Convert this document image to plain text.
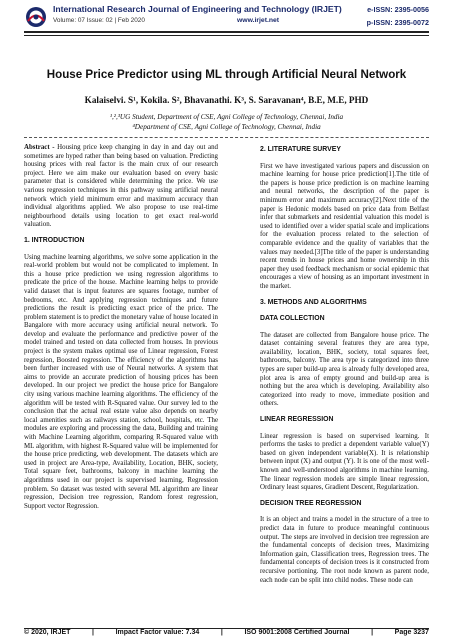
International Research Journal of Engineering and Technology (IRJET)
Volume: 07 Issue: 02 | Feb 2020	www.irjet.net
e-ISSN: 2395-0056
p-ISSN: 2395-0072
House Price Predictor using ML through Artificial Neural Network
Kalaiselvi. S¹, Kokila. S², Bhavanathi. K³, S. Saravanan⁴, B.E, M.E, PHD
¹,²,³UG Student, Department of CSE, Agni College of Technology, Chennai, India
⁴Department of CSE, Agni College of Technology, Chennai, India

Abstract - Housing price keep changing in day in and day out and sometimes are hyped rather than being based on valuation. Predicting housing prices with real factor is the main crux of our research project. Here we aim make our evaluation based on every basic parameter that is considered while determining the price. We use various regression techniques in this pathway using artificial neural network which yield minimum error and maximum accuracy than individual algorithms applied. We also propose to use real-time neighbourhood details using location to get exact real-world valuation.

1. INTRODUCTION

Using machine learning algorithms, we solve some application in the real-world problem but would not be complicated to implement. In this a house price prediction we using regression algorithms to predicate the price of the house. Machine learning helps to provide valid dataset that is input features are squares footage, number of bedrooms, etc. And applying regression techniques and future predictions the result is predicting exact price of the price. The problem statement is to predict the monetary value of house located in Bangalore with more accuracy using artificial neural network. To develop and evaluate the performance and predictive power of the model trained and tested on data collected from houses. In previous project is the system makes optimal use of Linear regression, Forest regression, Boosted regression. The efficiency of the algorithms has been further increased with use of Neural networks. A system that aims to provide an accurate prediction of housing prices has been developed. In our project we predict the house price for Bangalore city using various machine learning algorithms. The efficiency of the algorithm will be tested with R-Squared value. Our survey led to the conclusion that the actual real estate value also depends on nearby local amenities such as railways station, school, hospitals, etc. The modules are exploring and processing the data, Building and training with Machine Learning algorithm, comparing R-Squared value with ML algorithm, with highest R-Squared value will be implemented for the house price predicting, web development. The datasets which are used in project are Area-type, Availability, Location, BHK, society, Total square feet, bathrooms, balcony in machine learning the algorithms used in our project is supervised learning, Regression problem. So dataset was tested with several ML algorithm are linear regression, Decision tree regression, Random forest regression, Support vector Regression.

2. LITERATURE SURVEY

First we have investigated various papers and discussion on machine learning for house price prediction[1].The title of the papers is house price prediction is on machine learning and neural networks, the description of the paper is minimum error and maximum accuracy[2].Next title of the paper is Hedonic models based on price data from Belfast infer that submarkets and residential valuation this model is used to identified over a wider spatial scale and implications for the evaluation process related to the selection of comparable evidence and the quality of variables that the values may needed.[3]The title of the paper is understanding recent trends in house prices and home ownership in this paper they used feedback mechanism or social epidemic that encourages a view of housing as an important investment in the market.

3. METHODS AND ALGORITHMS
DATA COLLECTION

The dataset are collected from Bangalore house price. The dataset containing several features they are area type, availability, location, BHK, society, total squares feet, bathrooms, balcony. The area type is categorized into three types are super build-up area is already fully developed area, plot area is area of empty ground and build-up area is nothing but the area which is developing. Availability also categorized into ready to move, immediate position and others.

LINEAR REGRESSION

Linear regression is based on supervised learning. It performs the tasks to predict a dependent variable value(Y) based on given independent variable(X). It is relationship between input (X) and output (Y). It is one of the most well-known and well-understood algorithms in machine learning. The linear regression models are simple linear regression, Ordinary least squares, Gradient Descent, Regularization.

DECISION TREE REGRESSION

It is an object and trains a model in the structure of a tree to predict data in future to produce meaningful continuous output. The steps are involved in decision tree regression are the fundamental concepts of decision trees, Maximizing Information gain, Classification trees, Regression trees. The fundamental concepts of decision trees is it constructed from recursive portioning. The root node known as parent node, each node can be split into child nodes. These node can

© 2020, IRJET	|	Impact Factor value: 7.34	|	ISO 9001:2008 Certified Journal	|	Page 3237
